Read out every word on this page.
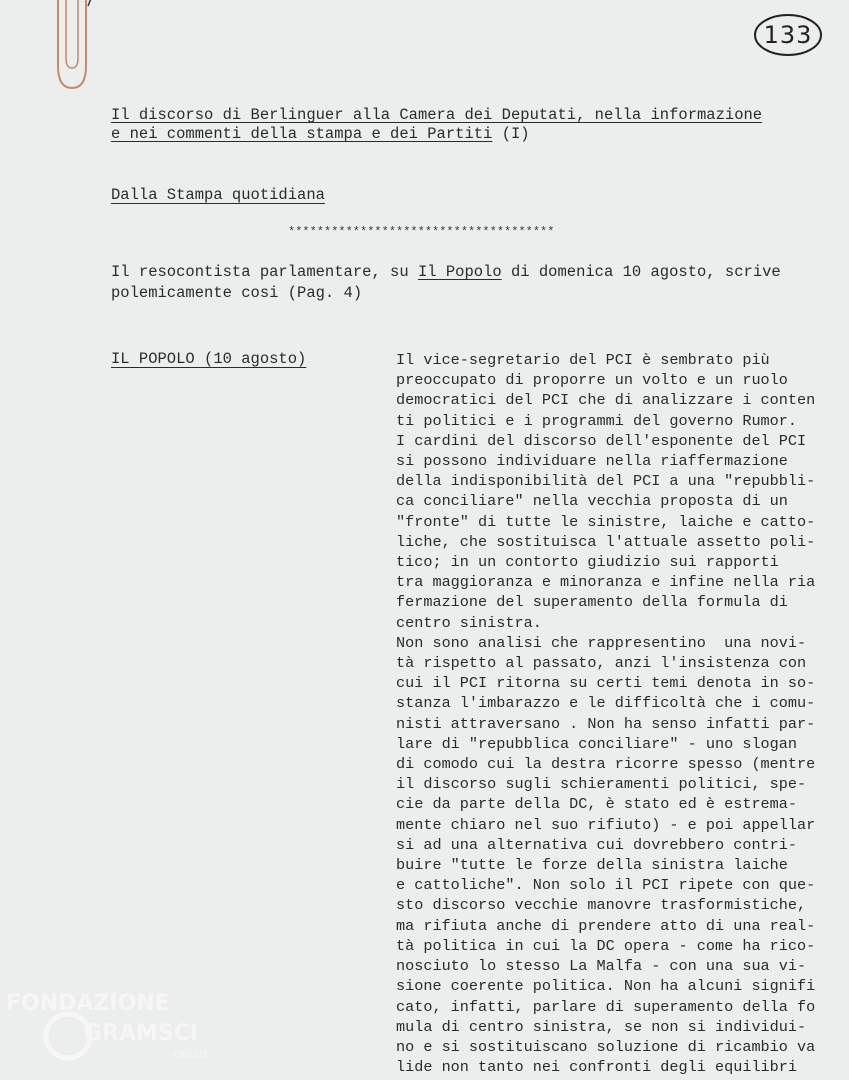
133
Il discorso di Berlinguer alla Camera dei Deputati, nella informazione
e nei commenti della stampa e dei Partiti (I)
Dalla Stampa quotidiana
*************************************

Il resocontista parlamentare, su Il Popolo di domenica 10 agosto, scrive
polemicamente cosi (Pag. 4)

IL POPOLO (10 agosto)	Il vice-segretario del PCI è sembrato più
preoccupato di proporre un volto e un ruolo
democratici del PCI che di analizzare i conten
ti politici e i programmi del governo Rumor.
I cardini del discorso dell'esponente del PCI
si possono individuare nella riaffermazione
della indisponibilità del PCI a una "repubbli-
ca conciliare" nella vecchia proposta di un
"fronte" di tutte le sinistre, laiche e catto-
liche, che sostituisca l'attuale assetto poli-
tico; in un contorto giudizio sui rapporti
tra maggioranza e minoranza e infine nella ria
fermazione del superamento della formula di
centro sinistra.
Non sono analisi che rappresentino  una novi-
tà rispetto al passato, anzi l'insistenza con
cui il PCI ritorna su certi temi denota in so-
stanza l'imbarazzo e le difficoltà che i comu-
nisti attraversano . Non ha senso infatti par-
lare di "repubblica conciliare" - uno slogan
di comodo cui la destra ricorre spesso (mentre
il discorso sugli schieramenti politici, spe-
cie da parte della DC, è stato ed è estrema-
mente chiaro nel suo rifiuto) - e poi appellar
si ad una alternativa cui dovrebbero contri-
buire "tutte le forze della sinistra laiche
e cattoliche". Non solo il PCI ripete con que-
sto discorso vecchie manovre trasformistiche,
ma rifiuta anche di prendere atto di una real-
tà politica in cui la DC opera - come ha rico-
nosciuto lo stesso La Malfa - con una sua vi-
sione coerente politica. Non ha alcuni signifi
cato, infatti, parlare di superamento della fo
mula di centro sinistra, se non si individui-
no e si sostituiscano soluzione di ricambio va
lide non tanto nei confronti degli equilibri
FONDAZIONE
GRAMSCI
ONLUS
